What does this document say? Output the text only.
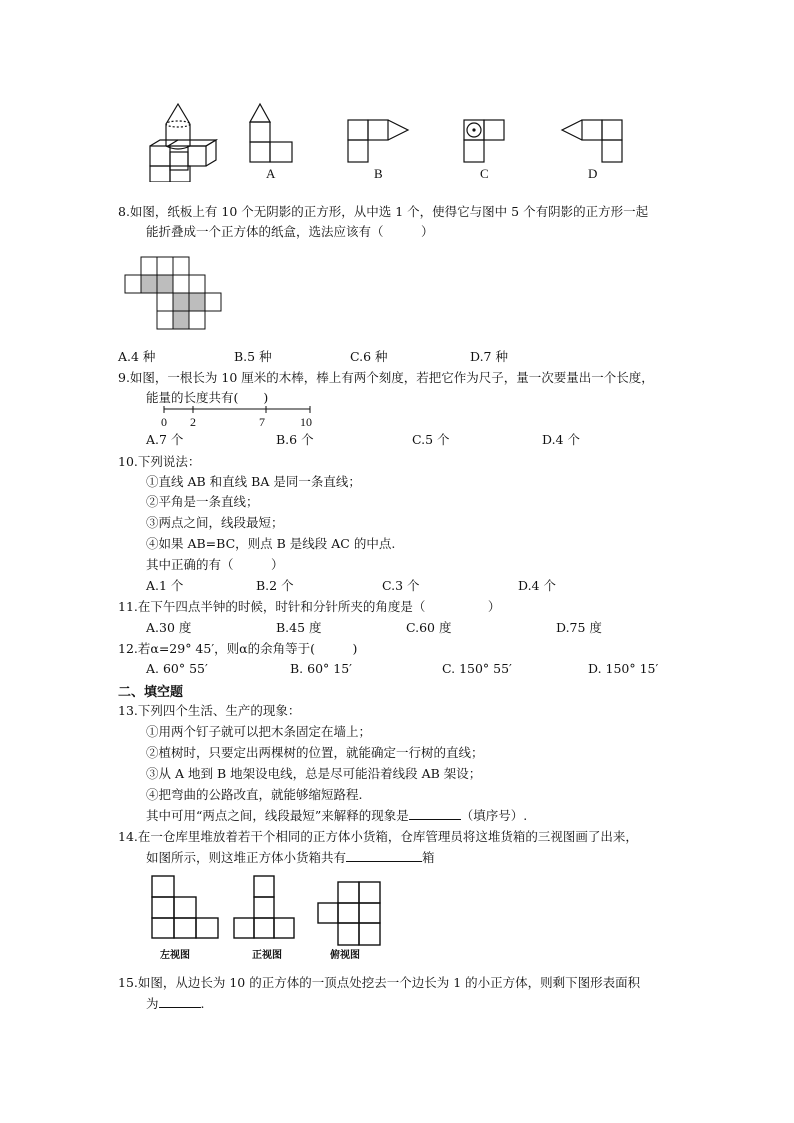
A	B	C	D
8.如图，纸板上有 10 个无阴影的正方形，从中选 1 个，使得它与图中 5 个有阴影的正方形一起
能折叠成一个正方体的纸盒，选法应该有（　　　）
A.4 种	B.5 种	C.6 种	D.7 种
9.如图，一根长为 10 厘米的木棒，棒上有两个刻度，若把它作为尺子，量一次要量出一个长度，
能量的长度共有(　　)
0 2	7	10
A.7 个	B.6 个	C.5 个	D.4 个
10.下列说法：
①直线 AB 和直线 BA 是同一条直线；
②平角是一条直线；
③两点之间，线段最短；
④如果 AB=BC，则点 B 是线段 AC 的中点.
其中正确的有（　　　）
A.1 个	B.2 个	C.3 个	D.4 个
11.在下午四点半钟的时候，时针和分针所夹的角度是（　　　　　）
A.30 度	B.45 度	C.60 度	D.75 度
12.若α=29° 45′，则α的余角等于(　　　)
A. 60° 55′	B. 60° 15′	C. 150° 55′	D. 150° 15′
二、填空题
13.下列四个生活、生产的现象：
①用两个钉子就可以把木条固定在墙上；
②植树时，只要定出两棵树的位置，就能确定一行树的直线；
③从 A 地到 B 地架设电线，总是尽可能沿着线段 AB 架设；
④把弯曲的公路改直，就能够缩短路程.
其中可用“两点之间，线段最短”来解释的现象是	（填序号）.
14.在一仓库里堆放着若干个相同的正方体小货箱，仓库管理员将这堆货箱的三视图画了出来，
如图所示，则这堆正方体小货箱共有	箱
左视图	正视图	俯视图
15.如图，从边长为 10 的正方体的一顶点处挖去一个边长为 1 的小正方体，则剩下图形表面积
为	.
